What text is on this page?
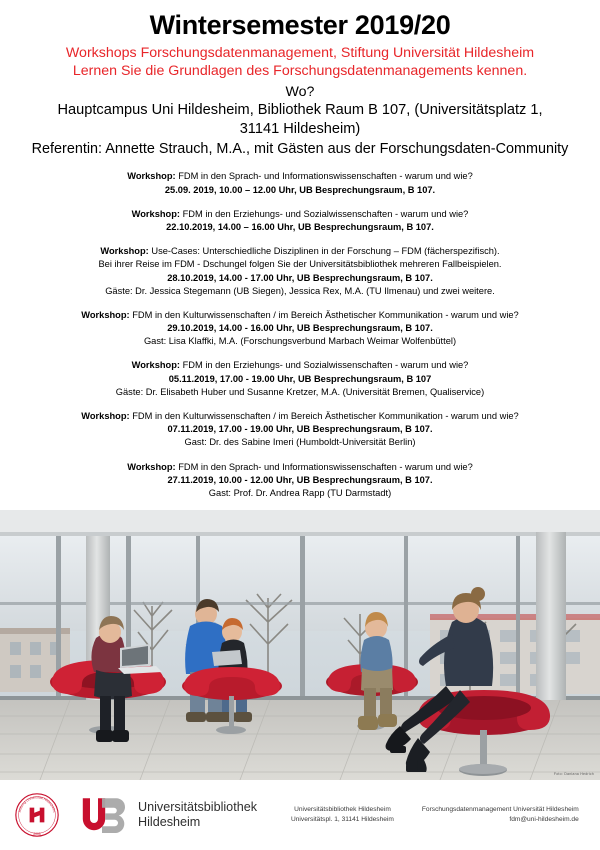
Wintersemester 2019/20
Workshops Forschungsdatenmanagement, Stiftung Universität Hildesheim
Lernen Sie die Grundlagen des Forschungsdatenmanagements kennen.
Wo?
Hauptcampus Uni Hildesheim, Bibliothek Raum B 107, (Universitätsplatz 1,
31141 Hildesheim)
Referentin: Annette Strauch, M.A., mit Gästen aus der Forschungsdaten-Community
Workshop: FDM in den Sprach- und Informationswissenschaften - warum und wie?
25.09. 2019, 10.00 – 12.00 Uhr, UB Besprechungsraum, B 107.
Workshop: FDM in den Erziehungs- und Sozialwissenschaften - warum und wie?
22.10.2019, 14.00 – 16.00 Uhr, UB Besprechungsraum, B 107.
Workshop: Use-Cases: Unterschiedliche Disziplinen in der Forschung – FDM (fächerspezifisch).
Bei ihrer Reise im FDM - Dschungel folgen Sie der Universitätsbibliothek mehreren Fallbeispielen.
28.10.2019, 14.00 - 17.00 Uhr, UB Besprechungsraum, B 107.
Gäste: Dr. Jessica Stegemann (UB Siegen), Jessica Rex, M.A. (TU Ilmenau) und zwei weitere.
Workshop: FDM in den Kulturwissenschaften / im Bereich Ästhetischer Kommunikation - warum und wie?
29.10.2019, 14.00 - 16.00 Uhr, UB Besprechungsraum, B 107.
Gast: Lisa Klaffki, M.A. (Forschungsverbund Marbach Weimar Wolfenbüttel)
Workshop: FDM in den Erziehungs- und Sozialwissenschaften - warum und wie?
05.11.2019, 17.00 - 19.00 Uhr, UB Besprechungsraum, B 107
Gäste: Dr. Elisabeth Huber und Susanne Kretzer, M.A. (Universität Bremen, Qualiservice)
Workshop: FDM in den Kulturwissenschaften / im Bereich Ästhetischer Kommunikation - warum und wie?
07.11.2019, 17.00 - 19.00 Uhr, UB Besprechungsraum, B 107.
Gast: Dr. des Sabine Imeri (Humboldt-Universität Berlin)
Workshop: FDM in den Sprach- und Informationswissenschaften - warum und wie?
27.11.2019, 10.00 - 12.00 Uhr, UB Besprechungsraum, B 107.
Gast: Prof. Dr. Andrea Rapp (TU Darmstadt)
Foto: Daniana Hedrich
2003
Stiftung Universität Hildesheim	Universitätsbibliothek
Hildesheim
Universitätsbibliothek Hildesheim
Universitätspl. 1, 31141 Hildesheim
Forschungsdatenmanagement Universität Hildesheim
fdm@uni-hildesheim.de
